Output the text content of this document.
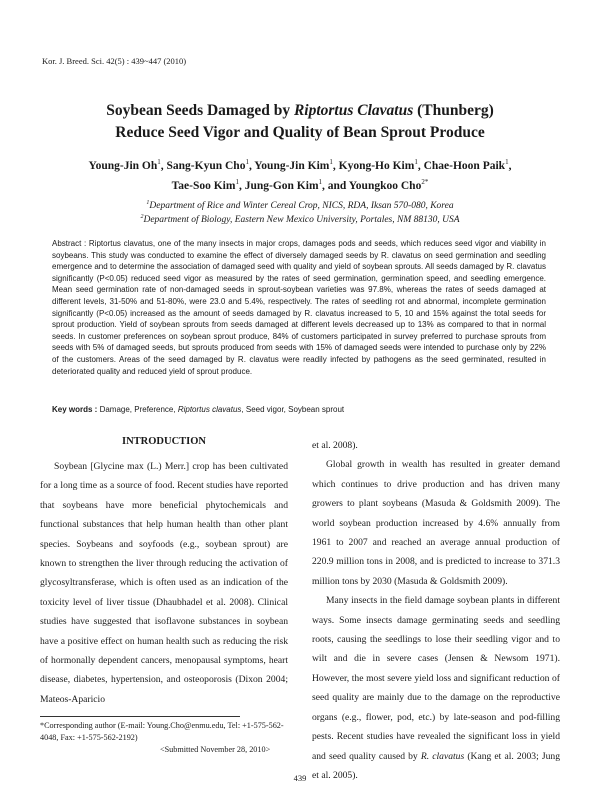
Kor. J. Breed. Sci. 42(5) : 439~447 (2010)
Soybean Seeds Damaged by Riptortus Clavatus (Thunberg)
Reduce Seed Vigor and Quality of Bean Sprout Produce
Young-Jin Oh$^1$, Sang-Kyun Cho$^1$, Young-Jin Kim$^1$, Kyong-Ho Kim$^1$, Chae-Hoon Paik$^1$,
Tae-Soo Kim$^1$, Jung-Gon Kim$^1$, and Youngkoo Cho$^{2*}$
$^1$Department of Rice and Winter Cereal Crop, NICS, RDA, Iksan 570-080, Korea
$^2$Department of Biology, Eastern New Mexico University, Portales, NM 88130, USA

Abstract : Riptortus clavatus, one of the many insects in major crops, damages pods and seeds, which reduces seed vigor and viability in soybeans. This study was conducted to examine the effect of diversely damaged seeds by R. clavatus on seed germination and seedling emergence and to determine the association of damaged seed with quality and yield of soybean sprouts. All seeds damaged by R. clavatus significantly (P<0.05) reduced seed vigor as measured by the rates of seed germination, germination speed, and seedling emergence. Mean seed germination rate of non-damaged seeds in sprout-soybean varieties was 97.8%, whereas the rates of seeds damaged at different levels, 31-50% and 51-80%, were 23.0 and 5.4%, respectively. The rates of seedling rot and abnormal, incomplete germination significantly (P<0.05) increased as the amount of seeds damaged by R. clavatus increased to 5, 10 and 15% against the total seeds for sprout production. Yield of soybean sprouts from seeds damaged at different levels decreased up to 13% as compared to that in normal seeds. In customer preferences on soybean sprout produce, 84% of customers participated in survey preferred to purchase sprouts from seeds with 5% of damaged seeds, but sprouts produced from seeds with 15% of damaged seeds were intended to purchase only by 22% of the customers. Areas of the seed damaged by R. clavatus were readily infected by pathogens as the seed germinated, resulted in deteriorated quality and reduced yield of sprout produce.

Key words : Damage, Preference, Riptortus clavatus, Seed vigor, Soybean sprout
INTRODUCTION

Soybean [Glycine max (L.) Merr.] crop has been cultivated for a long time as a source of food. Recent studies have reported that soybeans have more beneficial phytochemicals and functional substances that help human health than other plant species. Soybeans and soyfoods (e.g., soybean sprout) are known to strengthen the liver through reducing the activation of glycosyltransferase, which is often used as an indication of the toxicity level of liver tissue (Dhaubhadel et al. 2008). Clinical studies have suggested that isoflavone substances in soybean have a positive effect on human health such as reducing the risk of hormonally dependent cancers, menopausal symptoms, heart disease, diabetes, hypertension, and osteoporosis (Dixon 2004; Mateos-Aparicio

et al. 2008).

Global growth in wealth has resulted in greater demand which continues to drive production and has driven many growers to plant soybeans (Masuda & Goldsmith 2009). The world soybean production increased by 4.6% annually from 1961 to 2007 and reached an average annual production of 220.9 million tons in 2008, and is predicted to increase to 371.3 million tons by 2030 (Masuda & Goldsmith 2009).

Many insects in the field damage soybean plants in different ways. Some insects damage germinating seeds and seedling roots, causing the seedlings to lose their seedling vigor and to wilt and die in severe cases (Jensen & Newsom 1971). However, the most severe yield loss and significant reduction of seed quality are mainly due to the damage on the reproductive organs (e.g., flower, pod, etc.) by late-season and pod-filling pests. Recent studies have revealed the significant loss in yield and seed quality caused by R. clavatus (Kang et al. 2003; Jung et al. 2005).

*Corresponding author (E-mail: Young.Cho@enmu.edu, Tel: +1-575-562-4048, Fax: +1-575-562-2192)
<Submitted November 28, 2010>
439
